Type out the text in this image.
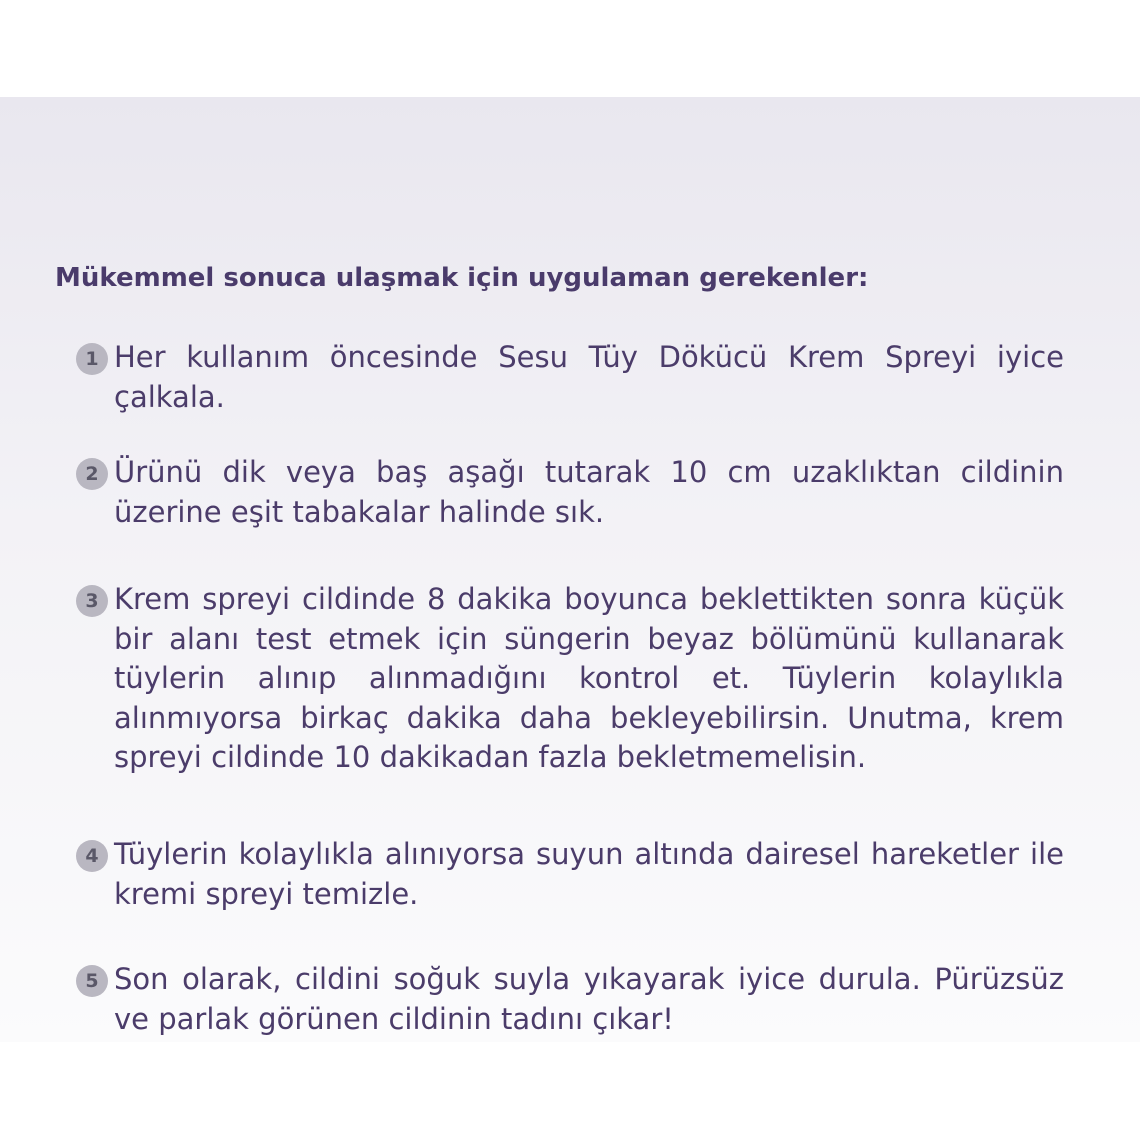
Mükemmel sonuca ulaşmak için uygulaman gerekenler:
1 Her kullanım öncesinde Sesu Tüy Dökücü Krem Spreyi iyice çalkala.
2 Ürünü dik veya baş aşağı tutarak 10 cm uzaklıktan cildinin üzerine eşit tabakalar halinde sık.
3 Krem spreyi cildinde 8 dakika boyunca beklettikten sonra küçük bir alanı test etmek için süngerin beyaz bölümünü kullanarak tüylerin alınıp alınmadığını kontrol et. Tüylerin kolaylıkla alınmıyorsa birkaç dakika daha bekleyebilirsin. Unutma, krem spreyi cildinde 10 dakikadan fazla bekletmemelisin.
4 Tüylerin kolaylıkla alınıyorsa suyun altında dairesel hareketler ile kremi spreyi temizle.
5 Son olarak, cildini soğuk suyla yıkayarak iyice durula. Pürüzsüz ve parlak görünen cildinin tadını çıkar!
